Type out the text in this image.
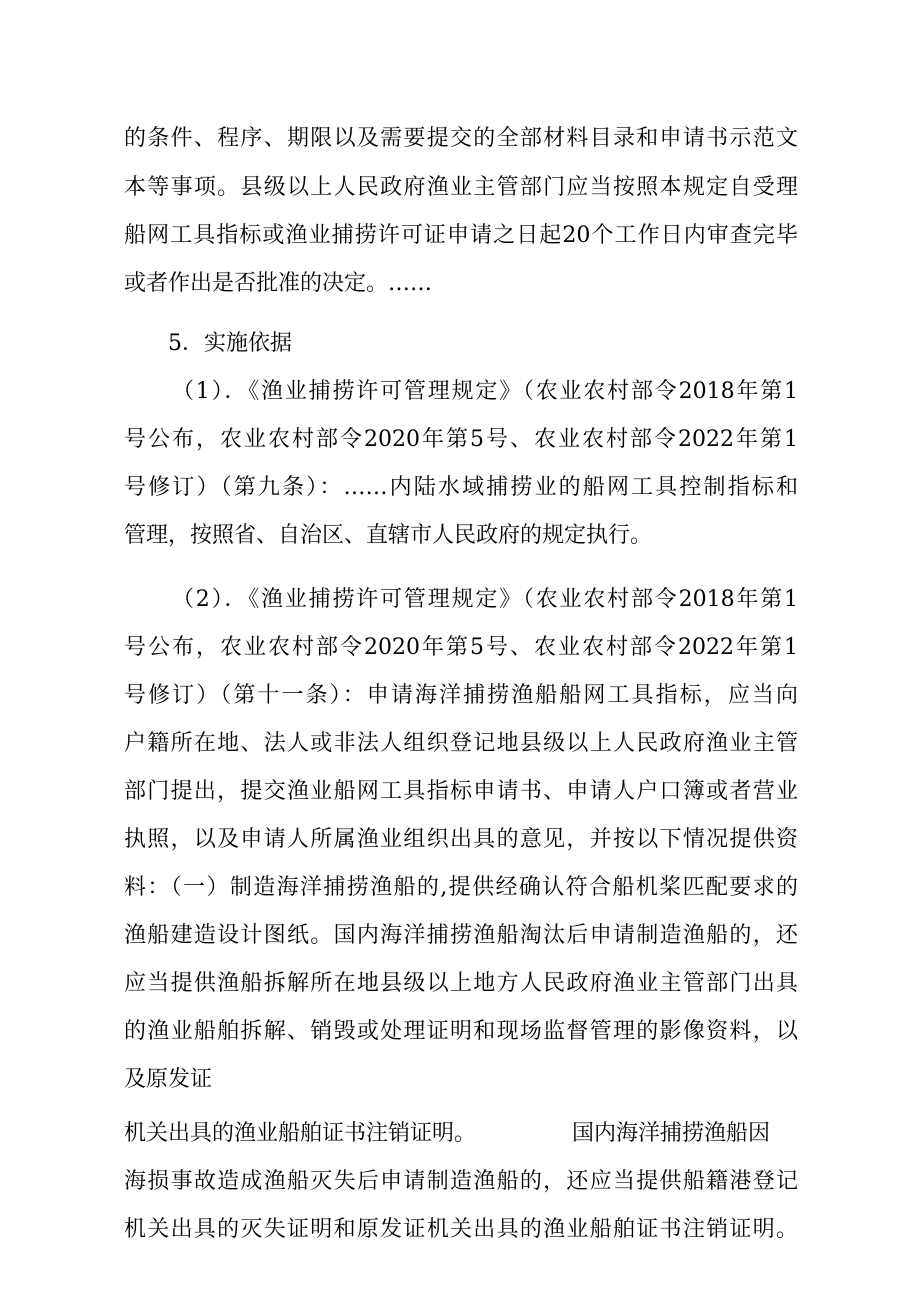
的条件、程序、期限以及需要提交的全部材料目录和申请书示范文
本等事项。县级以上人民政府渔业主管部门应当按照本规定自受理
船网工具指标或渔业捕捞许可证申请之日起20个工作日内审查完毕
或者作出是否批准的决定。……
5．实施依据
（1）．《渔业捕捞许可管理规定》（农业农村部令2018年第1
号公布，农业农村部令2020年第5号、农业农村部令2022年第1
号修订）（第九条）：……内陆水域捕捞业的船网工具控制指标和
管理，按照省、自治区、直辖市人民政府的规定执行。
（2）．《渔业捕捞许可管理规定》（农业农村部令2018年第1
号公布，农业农村部令2020年第5号、农业农村部令2022年第1
号修订）（第十一条）：申请海洋捕捞渔船船网工具指标，应当向
户籍所在地、法人或非法人组织登记地县级以上人民政府渔业主管
部门提出，提交渔业船网工具指标申请书、申请人户口簿或者营业
执照，以及申请人所属渔业组织出具的意见，并按以下情况提供资
料：（一）制造海洋捕捞渔船的,提供经确认符合船机桨匹配要求的
渔船建造设计图纸。国内海洋捕捞渔船淘汰后申请制造渔船的，还
应当提供渔船拆解所在地县级以上地方人民政府渔业主管部门出具
的渔业船舶拆解、销毁或处理证明和现场监督管理的影像资料，以
及原发证
机关出具的渔业船舶证书注销证明。	国内海洋捕捞渔船因
海损事故造成渔船灭失后申请制造渔船的，还应当提供船籍港登记
机关出具的灭失证明和原发证机关出具的渔业船舶证书注销证明。
